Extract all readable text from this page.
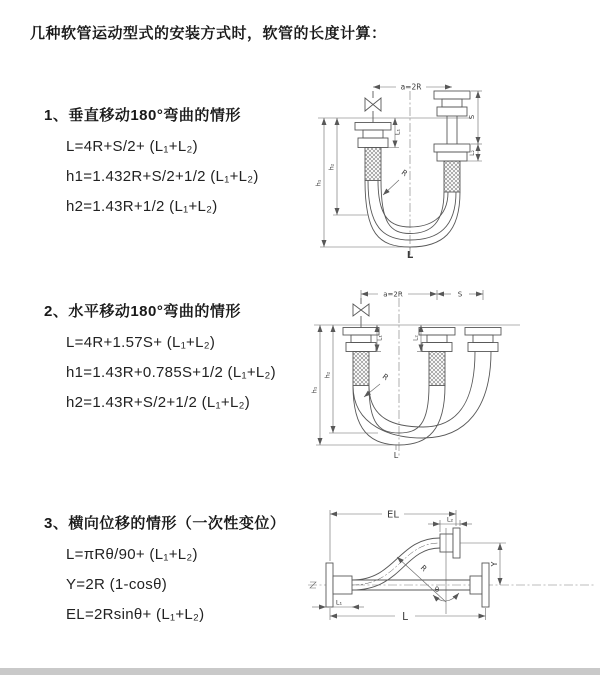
几种软管运动型式的安装方式时，软管的长度计算：
1、垂直移动180°弯曲的情形
L=4R+S/2+ (L₁+L₂)
h1=1.432R+S/2+1/2 (L₁+L₂)
h2=1.43R+1/2 (L₁+L₂)
2、水平移动180°弯曲的情形
L=4R+1.57S+ (L₁+L₂)
h1=1.43R+0.785S+1/2 (L₁+L₂)
h2=1.43R+S/2+1/2 (L₁+L₂)
3、横向位移的情形（一次性变位）
L=πRθ/90+ (L₁+L₂)
Y=2R (1-cosθ)
EL=2Rsinθ+ (L₁+L₂)
a=2R
S
L₂
L₁
h₁
h₂
R
L
a=2R	S
L₁	L₂
h₁
h₂	R
L
EL	L₂
Y
R
θ
L
L₁
